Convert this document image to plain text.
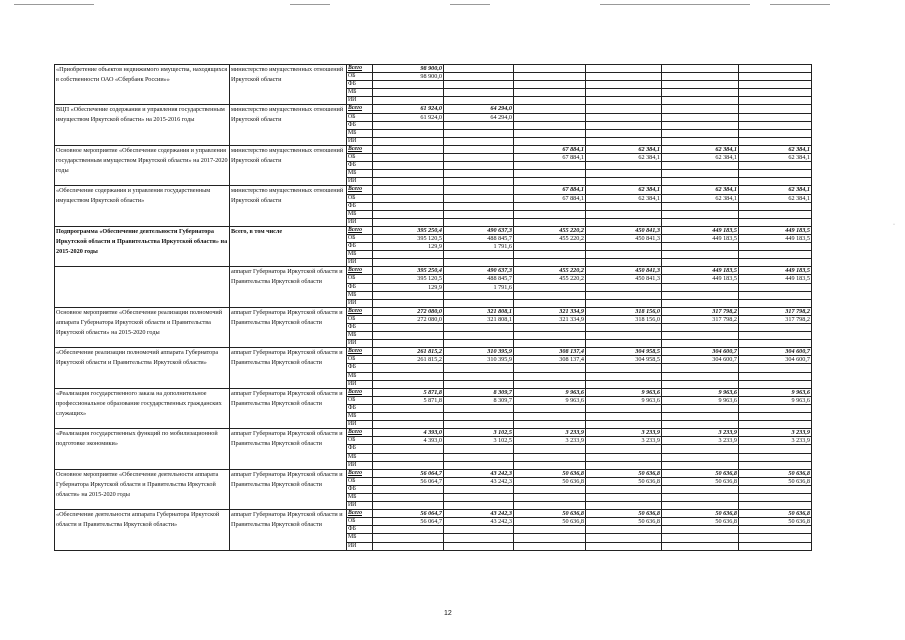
«Приобретение объектов недвижимого имущества, находящихся в собственности ОАО «Сбербанк России»»	министерство имущественных отношений Иркутской области	Всего	98 900,0					
		ОБ	98 900,0					
		ФБ						
		МБ						
		ИИ						
ВЦП «Обеспечение содержания и управления государственным имуществом Иркутской области» на 2015-2016 годы	министерство имущественных отношений Иркутской области	Всего	61 924,0	64 294,0				
		ОБ	61 924,0	64 294,0				
		ФБ						
		МБ						
		ИИ						
Основное мероприятие «Обеспечение содержания и управления государственным имуществом Иркутской области» на 2017-2020 годы	министерство имущественных отношений Иркутской области	Всего			67 884,1	62 384,1	62 384,1	62 384,1
		ОБ			67 884,1	62 384,1	62 384,1	62 384,1
		ФБ						
		МБ						
		ИИ						
«Обеспечение содержания и управления государственным имуществом Иркутской области»	министерство имущественных отношений Иркутской области	Всего			67 884,1	62 384,1	62 384,1	62 384,1
		ОБ			67 884,1	62 384,1	62 384,1	62 384,1
		ФБ						
		МБ						
		ИИ						
Подпрограмма «Обеспечение деятельности Губернатора Иркутской области и Правительства Иркутской области» на 2015-2020 годы	Всего, в том числе	Всего	395 250,4	490 637,3	455 220,2	450 841,3	449 183,5	449 183,5
		ОБ	395 120,5	488 845,7	455 220,2	450 841,3	449 183,5	449 183,5
		ФБ	129,9	1 791,6				
		МБ						
		ИИ						
	аппарат Губернатора Иркутской области и Правительства Иркутской области	Всего	395 250,4	490 637,3	455 220,2	450 841,3	449 183,5	449 183,5
		ОБ	395 120,5	488 845,7	455 220,2	450 841,3	449 183,5	449 183,5
		ФБ	129,9	1 791,6				
		МБ						
		ИИ						
Основное мероприятие «Обеспечение реализации полномочий аппарата Губернатора Иркутской области и Правительства Иркутской области» на 2015-2020 годы	аппарат Губернатора Иркутской области и Правительства Иркутской области	Всего	272 080,0	321 808,1	321 334,9	318 156,0	317 798,2	317 798,2
		ОБ	272 080,0	321 808,1	321 334,9	318 156,0	317 798,2	317 798,2
		ФБ						
		МБ						
		ИИ						
«Обеспечение реализации полномочий аппарата Губернатора Иркутской области и Правительства Иркутской области»	аппарат Губернатора Иркутской области и Правительства Иркутской области	Всего	261 815,2	310 395,9	308 137,4	304 958,5	304 600,7	304 600,7
		ОБ	261 815,2	310 395,9	308 137,4	304 958,5	304 600,7	304 600,7
		ФБ						
		МБ						
		ИИ						
«Реализация государственного заказа на дополнительное профессиональное образование государственных гражданских служащих»	аппарат Губернатора Иркутской области и Правительства Иркутской области	Всего	5 871,8	8 309,7	9 963,6	9 963,6	9 963,6	9 963,6
		ОБ	5 871,8	8 309,7	9 963,6	9 963,6	9 963,6	9 963,6
		ФБ						
		МБ						
		ИИ						
«Реализация государственных функций по мобилизационной подготовке экономики»	аппарат Губернатора Иркутской области и Правительства Иркутской области	Всего	4 393,0	3 102,5	3 233,9	3 233,9	3 233,9	3 233,9
		ОБ	4 393,0	3 102,5	3 233,9	3 233,9	3 233,9	3 233,9
		ФБ						
		МБ						
		ИИ						
Основное мероприятие «Обеспечение деятельности аппарата Губернатора Иркутской области и Правительства Иркутской области» на 2015-2020 годы	аппарат Губернатора Иркутской области и Правительства Иркутской области	Всего	56 064,7	43 242,3	50 636,8	50 636,8	50 636,8	50 636,8
		ОБ	56 064,7	43 242,3	50 636,8	50 636,8	50 636,8	50 636,8
		ФБ						
		МБ						
		ИИ						
«Обеспечение деятельности аппарата Губернатора Иркутской области и Правительства Иркутской области»	аппарат Губернатора Иркутской области и Правительства Иркутской области	Всего	56 064,7	43 242,3	50 636,8	50 636,8	50 636,8	50 636,8
		ОБ	56 064,7	43 242,3	50 636,8	50 636,8	50 636,8	50 636,8
		ФБ						
		МБ						
		ИИ						
·
12
